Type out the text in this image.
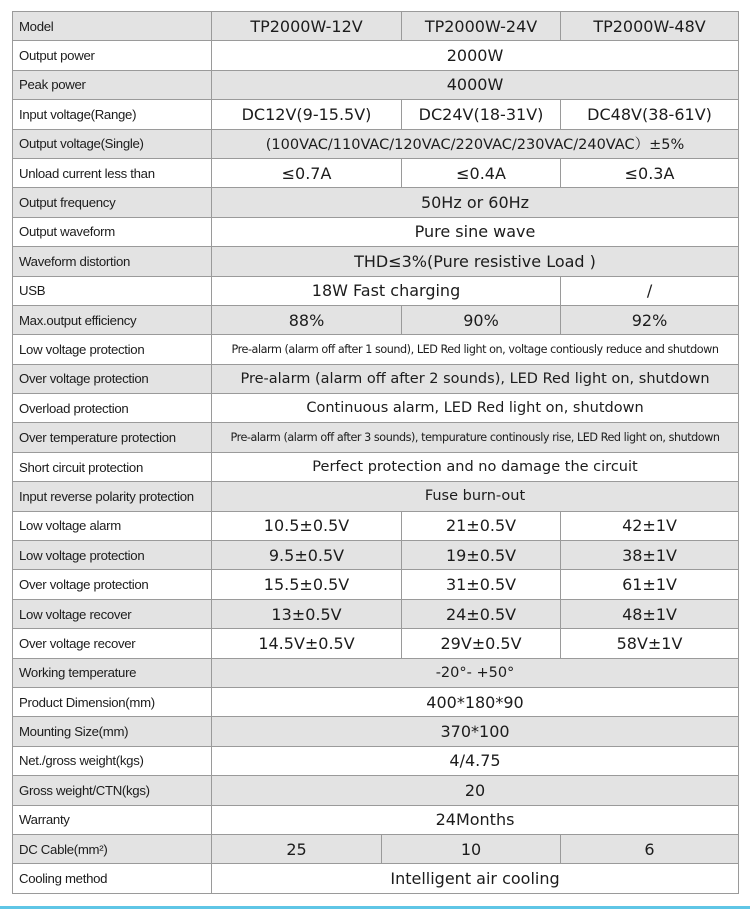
Model	TP2000W-12V		TP2000W-24V	TP2000W-48V
Output power	2000W			
Peak power	4000W			
Input voltage(Range)	DC12V(9-15.5V)		DC24V(18-31V)	DC48V(38-61V)
Output voltage(Single)	(100VAC/110VAC/120VAC/220VAC/230VAC/240VAC）±5%			
Unload current less than	≤0.7A		≤0.4A	≤0.3A
Output frequency	50Hz or 60Hz			
Output waveform	Pure sine wave			
Waveform distortion	THD≤3%(Pure resistive Load )			
USB	18W Fast charging			/
Max.output efficiency	88%		90%	92%
Low voltage protection	Pre-alarm (alarm off after 1 sound), LED Red light on, voltage contiously reduce and shutdown			
Over voltage protection	Pre-alarm (alarm off after 2 sounds), LED Red light on, shutdown			
Overload protection	Continuous alarm, LED Red light on, shutdown			
Over temperature protection	Pre-alarm (alarm off after 3 sounds), tempurature continously rise, LED Red light on, shutdown			
Short circuit protection	Perfect protection and no damage the circuit			
Input reverse polarity protection	Fuse burn-out			
Low voltage alarm	10.5±0.5V		21±0.5V	42±1V
Low voltage protection	9.5±0.5V		19±0.5V	38±1V
Over voltage protection	15.5±0.5V		31±0.5V	61±1V
Low voltage recover	13±0.5V		24±0.5V	48±1V
Over voltage recover	14.5V±0.5V		29V±0.5V	58V±1V
Working temperature	-20°- +50°			
Product Dimension(mm)	400*180*90			
Mounting Size(mm)	370*100			
Net./gross weight(kgs)	4/4.75			
Gross weight/CTN(kgs)	20			
Warranty	24Months			
DC Cable(mm²)	25	10		6
Cooling method	Intelligent air cooling			
